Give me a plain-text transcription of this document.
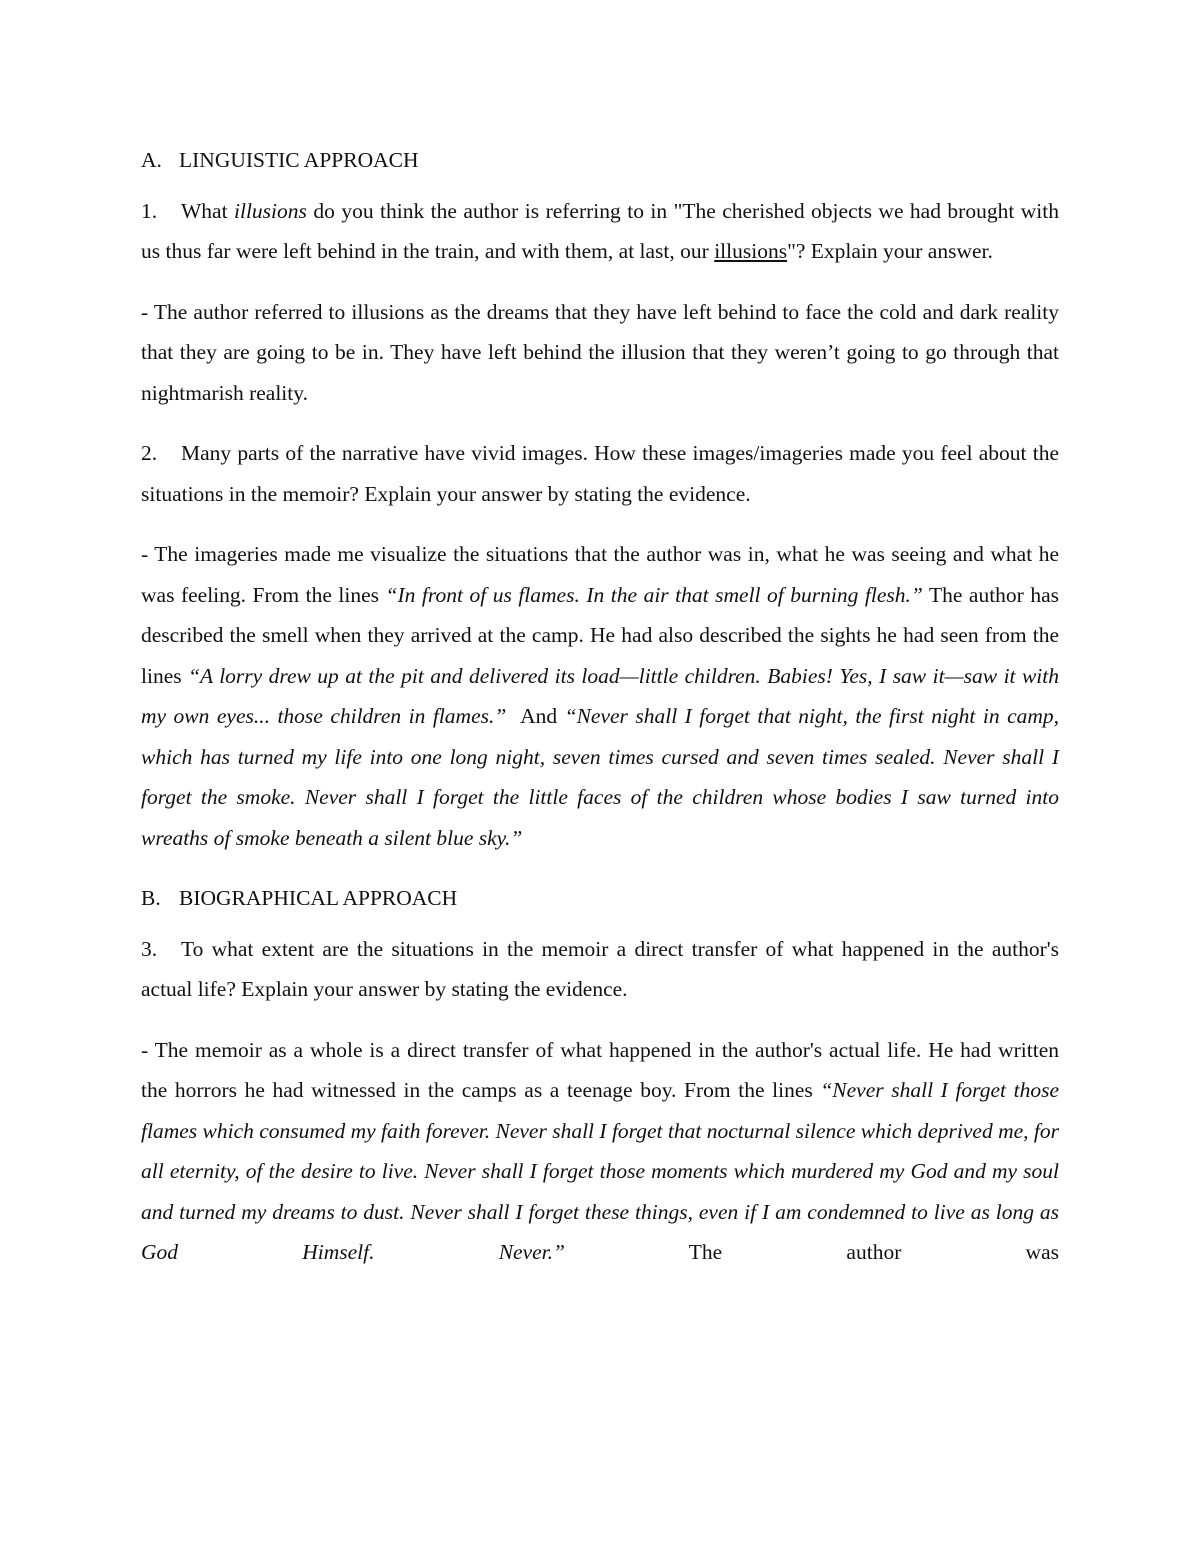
A. LINGUISTIC APPROACH

1. What illusions do you think the author is referring to in "The cherished objects we had brought with us thus far were left behind in the train, and with them, at last, our illusions"? Explain your answer.

- The author referred to illusions as the dreams that they have left behind to face the cold and dark reality that they are going to be in. They have left behind the illusion that they weren’t going to go through that nightmarish reality.

2. Many parts of the narrative have vivid images. How these images/imageries made you feel about the situations in the memoir? Explain your answer by stating the evidence.

- The imageries made me visualize the situations that the author was in, what he was seeing and what he was feeling. From the lines “In front of us flames. In the air that smell of burning flesh.” The author has described the smell when they arrived at the camp. He had also described the sights he had seen from the lines “A lorry drew up at the pit and delivered its load—little children. Babies! Yes, I saw it—saw it with my own eyes... those children in flames.”  And “Never shall I forget that night, the first night in camp, which has turned my life into one long night, seven times cursed and seven times sealed. Never shall I forget the smoke. Never shall I forget the little faces of the children whose bodies I saw turned into wreaths of smoke beneath a silent blue sky.”

B. BIOGRAPHICAL APPROACH

3. To what extent are the situations in the memoir a direct transfer of what happened in the author's actual life? Explain your answer by stating the evidence.

- The memoir as a whole is a direct transfer of what happened in the author's actual life. He had written the horrors he had witnessed in the camps as a teenage boy. From the lines “Never shall I forget those flames which consumed my faith forever. Never shall I forget that nocturnal silence which deprived me, for all eternity, of the desire to live. Never shall I forget those moments which murdered my God and my soul and turned my dreams to dust. Never shall I forget these things, even if I am condemned to live as long as God Himself. Never.” The author was
